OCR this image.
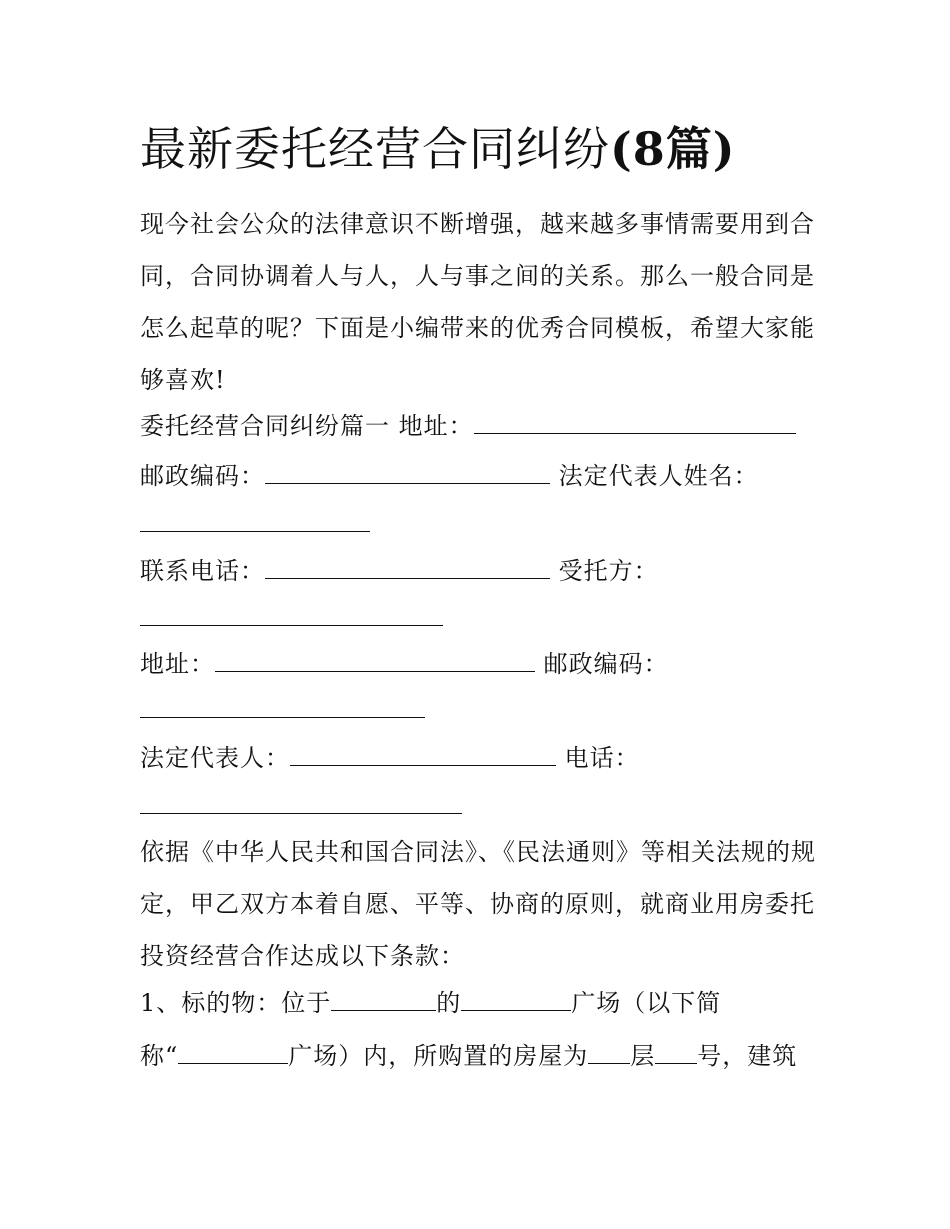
最新委托经营合同纠纷(8篇)

现今社会公众的法律意识不断增强，越来越多事情需要用到合同，合同协调着人与人，人与事之间的关系。那么一般合同是怎么起草的呢？下面是小编带来的优秀合同模板，希望大家能够喜欢!

委托经营合同纠纷篇一 地址：

邮政编码：	法定代表人姓名：

联系电话：	受托方：

地址：	邮政编码：

法定代表人：	电话：

依据《中华人民共和国合同法》、《民法通则》等相关法规的规定，甲乙双方本着自愿、平等、协商的原则，就商业用房委托投资经营合作达成以下条款：

1、标的物：位于	的	广场（以下简

称“	广场）内，所购置的房屋为 层 号，建筑
